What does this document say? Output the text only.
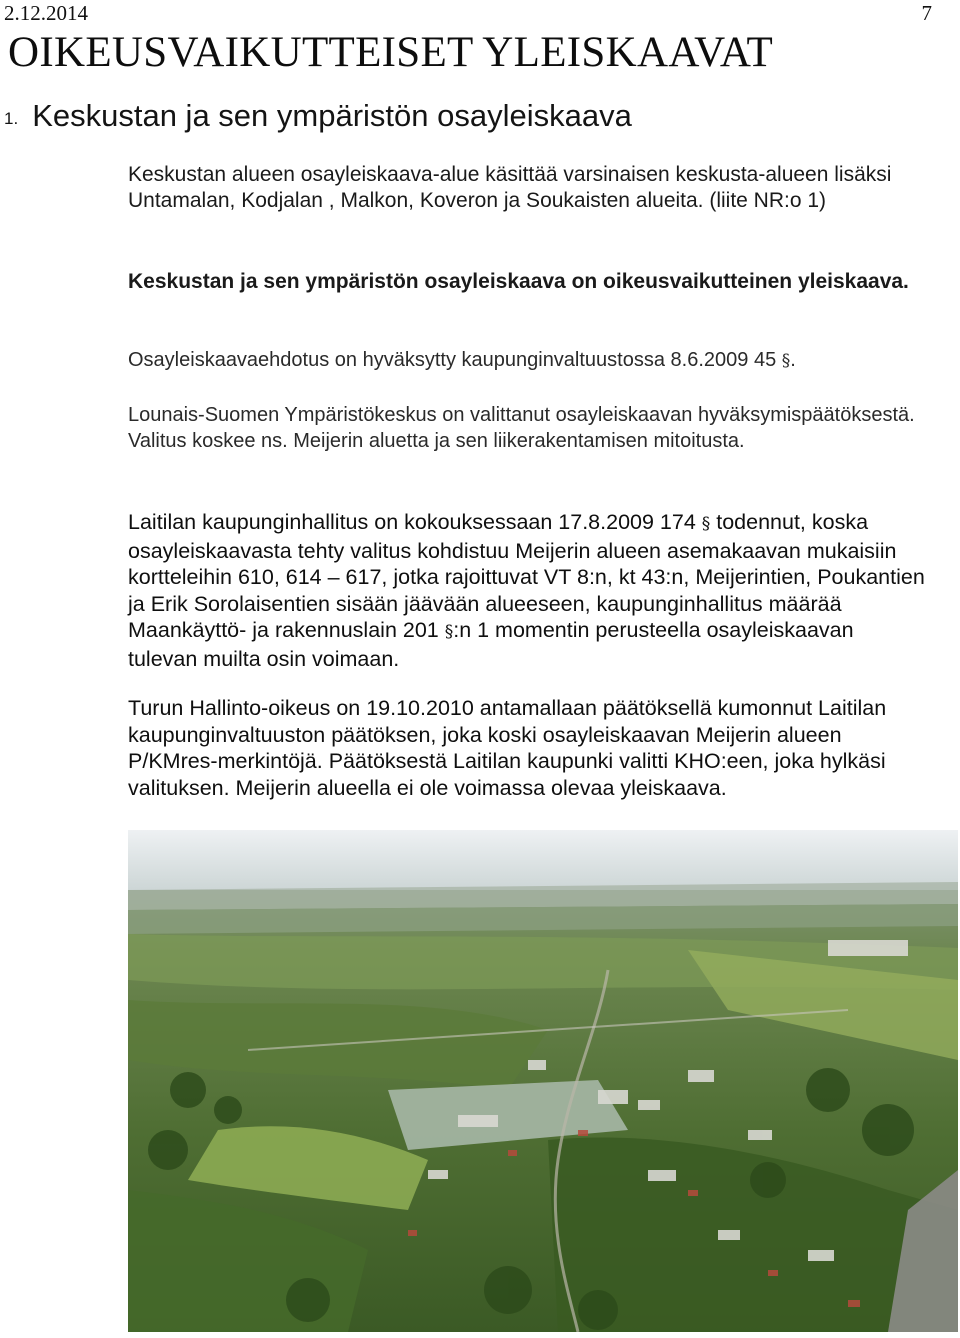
2.12.2014	7
OIKEUSVAIKUTTEISET YLEISKAAVAT
1. Keskustan ja sen ympäristön osayleiskaava

Keskustan alueen osayleiskaava-alue käsittää varsinaisen keskusta-alueen lisäksi Untamalan, Kodjalan , Malkon, Koveron ja Soukaisten alueita. (liite NR:o 1)

Keskustan ja sen ympäristön osayleiskaava on oikeusvaikutteinen yleiskaava.

Osayleiskaavaehdotus on hyväksytty kaupunginvaltuustossa 8.6.2009 45 §.

Lounais-Suomen Ympäristökeskus on valittanut osayleiskaavan hyväksymispäätöksestä. Valitus koskee ns. Meijerin aluetta ja sen liikerakentamisen mitoitusta.

Laitilan kaupunginhallitus on kokouksessaan 17.8.2009 174 § todennut, koska osayleiskaavasta tehty valitus kohdistuu Meijerin alueen asemakaavan mukaisiin kortteleihin 610, 614 – 617, jotka rajoittuvat VT 8:n, kt 43:n, Meijerintien, Poukantien ja Erik Sorolaisentien sisään jäävään alueeseen, kaupunginhallitus määrää Maankäyttö- ja rakennuslain 201 §:n 1 momentin perusteella osayleiskaavan tulevan muilta osin voimaan.

Turun Hallinto-oikeus on 19.10.2010 antamallaan päätöksellä kumonnut Laitilan kaupunginvaltuuston päätöksen, joka koski osayleiskaavan Meijerin alueen P/KMres-merkintöjä. Päätöksestä Laitilan kaupunki valitti KHO:een, joka hylkäsi valituksen. Meijerin alueella ei ole voimassa olevaa yleiskaava.
